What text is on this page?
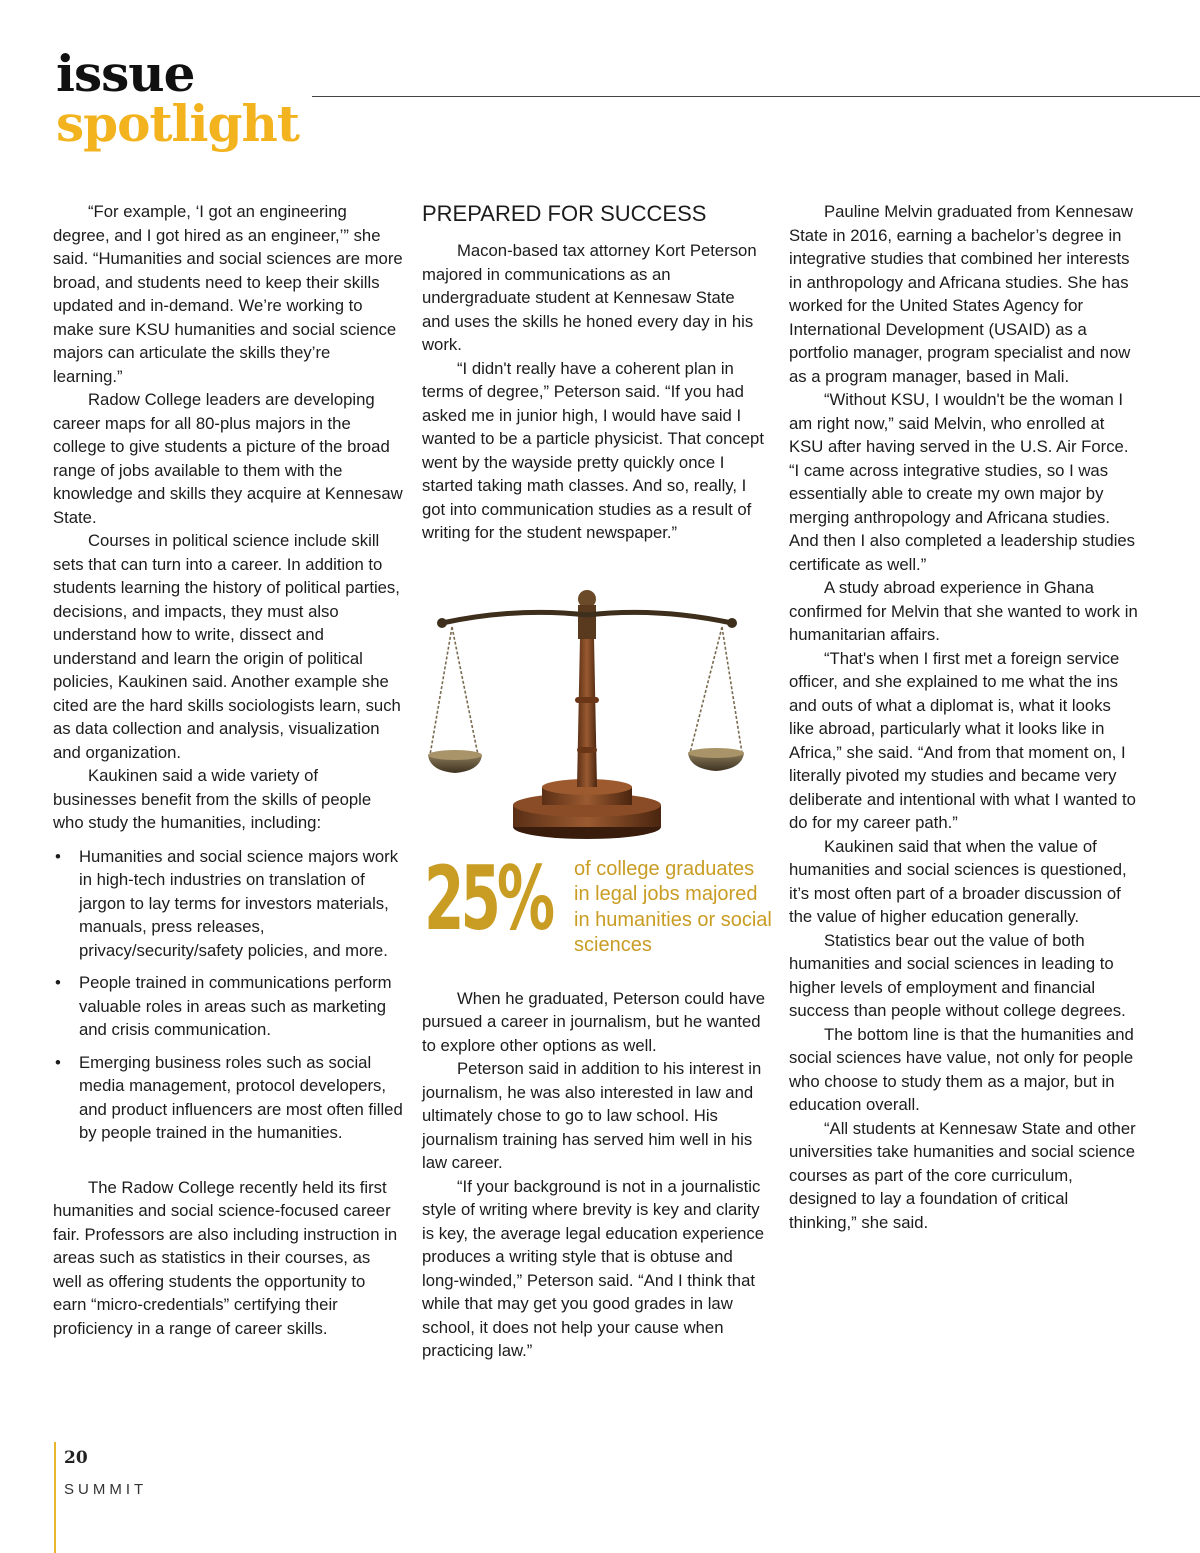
issue
spotlight

“For example, ‘I got an engineering degree, and I got hired as an engineer,’” she said. “Humanities and social sciences are more broad, and students need to keep their skills updated and in-demand. We’re working to make sure KSU humanities and social science majors can articulate the skills they’re learning.”

Radow College leaders are developing career maps for all 80-plus majors in the college to give students a picture of the broad range of jobs available to them with the knowledge and skills they acquire at Kennesaw State.

Courses in political science include skill sets that can turn into a career. In addition to students learning the history of political parties, decisions, and impacts, they must also understand how to write, dissect and understand and learn the origin of political policies, Kaukinen said. Another example she cited are the hard skills sociologists learn, such as data collection and analysis, visualization and organization.

Kaukinen said a wide variety of businesses benefit from the skills of people who study the humanities, including:

• Humanities and social science majors work in high-tech industries on translation of jargon to lay terms for investors materials, manuals, press releases, privacy/security/safety policies, and more.
• People trained in communications perform valuable roles in areas such as marketing and crisis communication.
• Emerging business roles such as social media management, protocol developers, and product influencers are most often filled by people trained in the humanities.

The Radow College recently held its first humanities and social science-focused career fair. Professors are also including instruction in areas such as statistics in their courses, as well as offering students the opportunity to earn “micro-credentials” certifying their proficiency in a range of career skills.

PREPARED FOR SUCCESS

Macon-based tax attorney Kort Peterson majored in communications as an undergraduate student at Kennesaw State and uses the skills he honed every day in his work.

“I didn't really have a coherent plan in terms of degree,” Peterson said. “If you had asked me in junior high, I would have said I wanted to be a particle physicist. That concept went by the wayside pretty quickly once I started taking math classes. And so, really, I got into communication studies as a result of writing for the student newspaper.”

25% of college graduates in legal jobs majored in humanities or social sciences

When he graduated, Peterson could have pursued a career in journalism, but he wanted to explore other options as well.

Peterson said in addition to his interest in journalism, he was also interested in law and ultimately chose to go to law school. His journalism training has served him well in his law career.

“If your background is not in a journalistic style of writing where brevity is key and clarity is key, the average legal education experience produces a writing style that is obtuse and long-winded,” Peterson said. “And I think that while that may get you good grades in law school, it does not help your cause when practicing law.”

Pauline Melvin graduated from Kennesaw State in 2016, earning a bachelor’s degree in integrative studies that combined her interests in anthropology and Africana studies. She has worked for the United States Agency for International Development (USAID) as a portfolio manager, program specialist and now as a program manager, based in Mali.

“Without KSU, I wouldn't be the woman I am right now,” said Melvin, who enrolled at KSU after having served in the U.S. Air Force. “I came across integrative studies, so I was essentially able to create my own major by merging anthropology and Africana studies. And then I also completed a leadership studies certificate as well.”

A study abroad experience in Ghana confirmed for Melvin that she wanted to work in humanitarian affairs.

“That's when I first met a foreign service officer, and she explained to me what the ins and outs of what a diplomat is, what it looks like abroad, particularly what it looks like in Africa,” she said. “And from that moment on, I literally pivoted my studies and became very deliberate and intentional with what I wanted to do for my career path.”

Kaukinen said that when the value of humanities and social sciences is questioned, it’s most often part of a broader discussion of the value of higher education generally.

Statistics bear out the value of both humanities and social sciences in leading to higher levels of employment and financial success than people without college degrees.

The bottom line is that the humanities and social sciences have value, not only for people who choose to study them as a major, but in education overall.

“All students at Kennesaw State and other universities take humanities and social science courses as part of the core curriculum, designed to lay a foundation of critical thinking,” she said.

20
SUMMIT
